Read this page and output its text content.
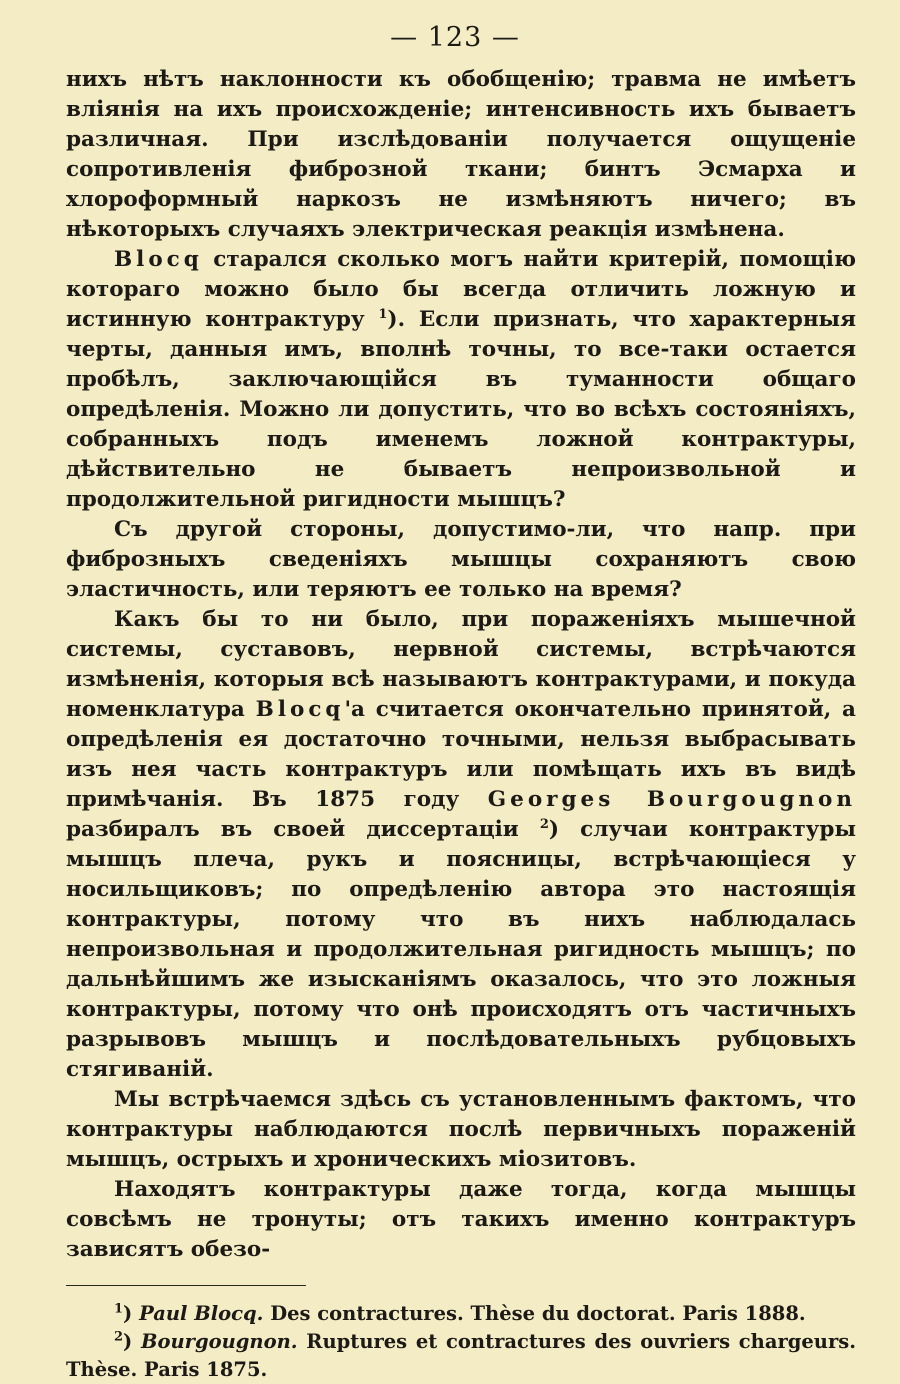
— 123 —

нихъ нѣтъ наклонности къ обобщенію; травма не имѣетъ вліянія на ихъ происхожденіе; интенсивность ихъ бываетъ различная. При изслѣдованіи получается ощущеніе сопротивленія фиброзной ткани; бинтъ Эсмарха и хлороформный наркозъ не измѣняютъ ничего; въ нѣкоторыхъ случаяхъ электрическая реакція измѣнена.

Blocq старался сколько могъ найти критерій, помощію котораго можно было бы всегда отличить ложную и истинную контрактуру $^1$). Если признать, что характерныя черты, данныя имъ, вполнѣ точны, то все-таки остается пробѣлъ, заключающійся въ туманности общаго опредѣленія. Можно ли допустить, что во всѣхъ состояніяхъ, собранныхъ подъ именемъ ложной контрактуры, дѣйствительно не бываетъ непроизвольной и продолжительной ригидности мышцъ?

Съ другой стороны, допустимо-ли, что напр. при фиброзныхъ сведеніяхъ мышцы сохраняютъ свою эластичность, или теряютъ ее только на время?

Какъ бы то ни было, при пораженіяхъ мышечной системы, суставовъ, нервной системы, встрѣчаются измѣненія, которыя всѣ называютъ контрактурами, и покуда номенклатура Blocq'а считается окончательно принятой, а опредѣленія ея достаточно точными, нельзя выбрасывать изъ нея часть контрактуръ или помѣщать ихъ въ видѣ примѣчанія. Въ 1875 году Georges Bourgougnon разбиралъ въ своей диссертаціи $^2$) случаи контрактуры мышцъ плеча, рукъ и поясницы, встрѣчающіеся у носильщиковъ; по опредѣленію автора это настоящія контрактуры, потому что въ нихъ наблюдалась непроизвольная и продолжительная ригидность мышцъ; по дальнѣйшимъ же изысканіямъ оказалось, что это ложныя контрактуры, потому что онѣ происходятъ отъ частичныхъ разрывовъ мышцъ и послѣдовательныхъ рубцовыхъ стягиваній.

Мы встрѣчаемся здѣсь съ установленнымъ фактомъ, что контрактуры наблюдаются послѣ первичныхъ пораженій мышцъ, острыхъ и хроническихъ міозитовъ.

Находятъ контрактуры даже тогда, когда мышцы совсѣмъ не тронуты; отъ такихъ именно контрактуръ зависятъ обезо-

$^1$) Paul Blocq. Des contractures. Thèse du doctorat. Paris 1888.

$^2$) Bourgougnon. Ruptures et contractures des ouvriers chargeurs. Thèse. Paris 1875.
